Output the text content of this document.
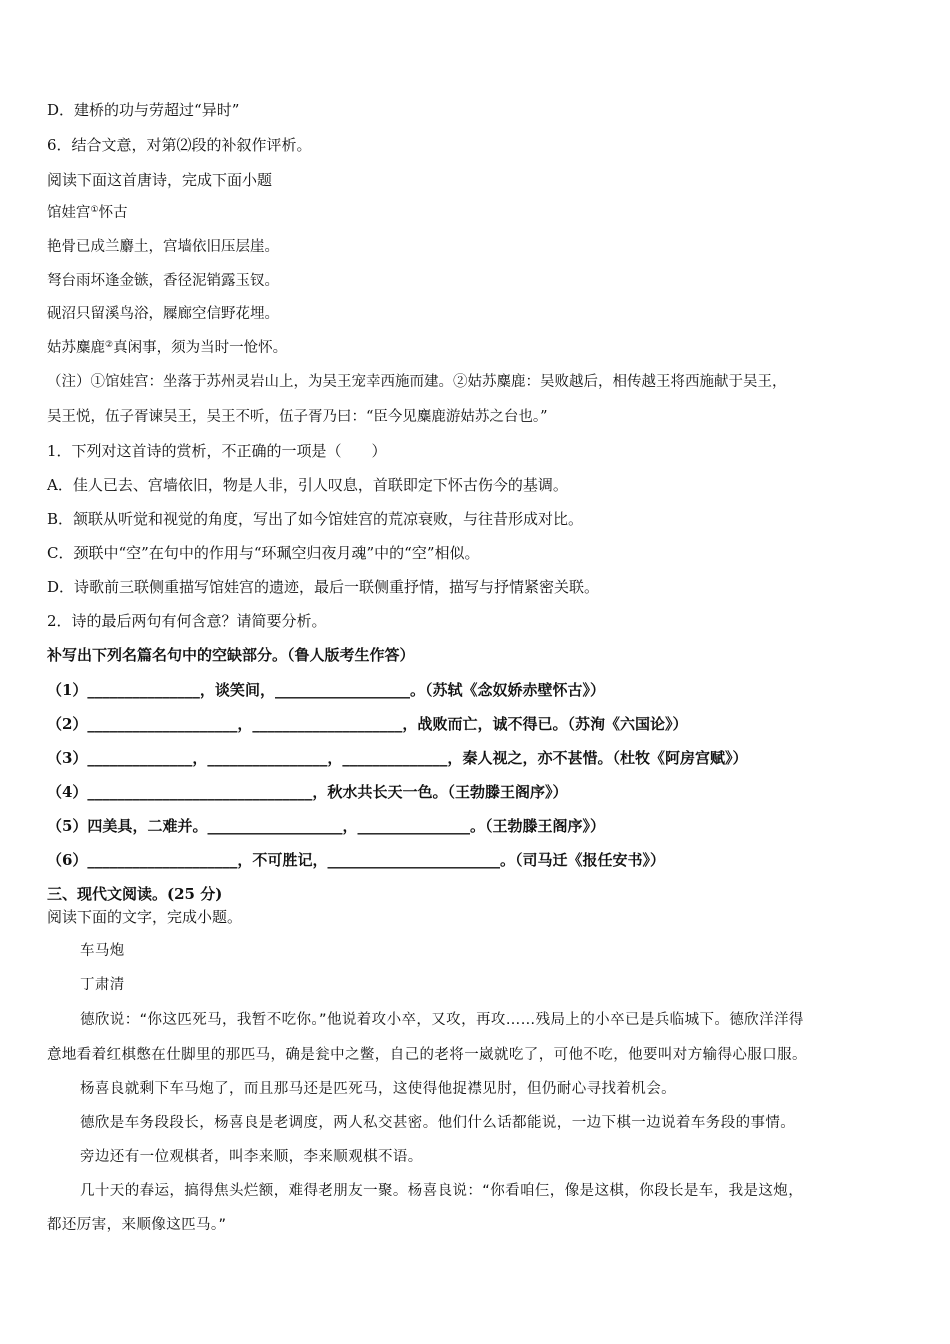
D．建桥的功与劳超过“异时”
6．结合文意，对第⑵段的补叙作评析。
阅读下面这首唐诗，完成下面小题
馆娃宫①怀古
艳骨已成兰麝土，宫墙依旧压层崖。
弩台雨坏逢金镞，香径泥销露玉钗。
砚沼只留溪鸟浴，屧廊空信野花埋。
姑苏麋鹿②真闲事，须为当时一怆怀。
（注）①馆娃宫：坐落于苏州灵岩山上，为吴王宠幸西施而建。②姑苏麋鹿：吴败越后，相传越王将西施献于吴王，
吴王悦，伍子胥谏吴王，吴王不听，伍子胥乃曰：“臣今见麋鹿游姑苏之台也。”
1．下列对这首诗的赏析，不正确的一项是（　　）
A．佳人已去、宫墙依旧，物是人非，引人叹息，首联即定下怀古伤今的基调。
B．颔联从听觉和视觉的角度，写出了如今馆娃宫的荒凉衰败，与往昔形成对比。
C．颈联中“空”在句中的作用与“环珮空归夜月魂”中的“空”相似。
D．诗歌前三联侧重描写馆娃宫的遗迹，最后一联侧重抒情，描写与抒情紧密关联。
2．诗的最后两句有何含意？请简要分析。
补写出下列名篇名句中的空缺部分。（鲁人版考生作答）
（1）_______________，谈笑间，__________________。（苏轼《念奴娇赤壁怀古》）
（2）____________________，____________________，战败而亡，诚不得已。（苏洵《六国论》）
（3）______________，________________，______________，秦人视之，亦不甚惜。（杜牧《阿房宫赋》）
（4）______________________________，秋水共长天一色。（王勃滕王阁序》）
（5）四美具，二难并。__________________，_______________。（王勃滕王阁序》）
（6）____________________，不可胜记，_______________________。（司马迁《报任安书》）
三、现代文阅读。(25 分)
阅读下面的文字，完成小题。
车马炮
丁肃清
德欣说：“你这匹死马，我暂不吃你。”他说着攻小卒，又攻，再攻……残局上的小卒已是兵临城下。德欣洋洋得
意地看着红棋憋在仕脚里的那匹马，确是瓮中之鳖，自己的老将一崴就吃了，可他不吃，他要叫对方输得心服口服。
杨喜良就剩下车马炮了，而且那马还是匹死马，这使得他捉襟见肘，但仍耐心寻找着机会。
德欣是车务段段长，杨喜良是老调度，两人私交甚密。他们什么话都能说，一边下棋一边说着车务段的事情。
旁边还有一位观棋者，叫李来顺，李来顺观棋不语。
几十天的春运，搞得焦头烂额，难得老朋友一聚。杨喜良说：“你看咱仨，像是这棋，你段长是车，我是这炮，
都还厉害，来顺像这匹马。”
